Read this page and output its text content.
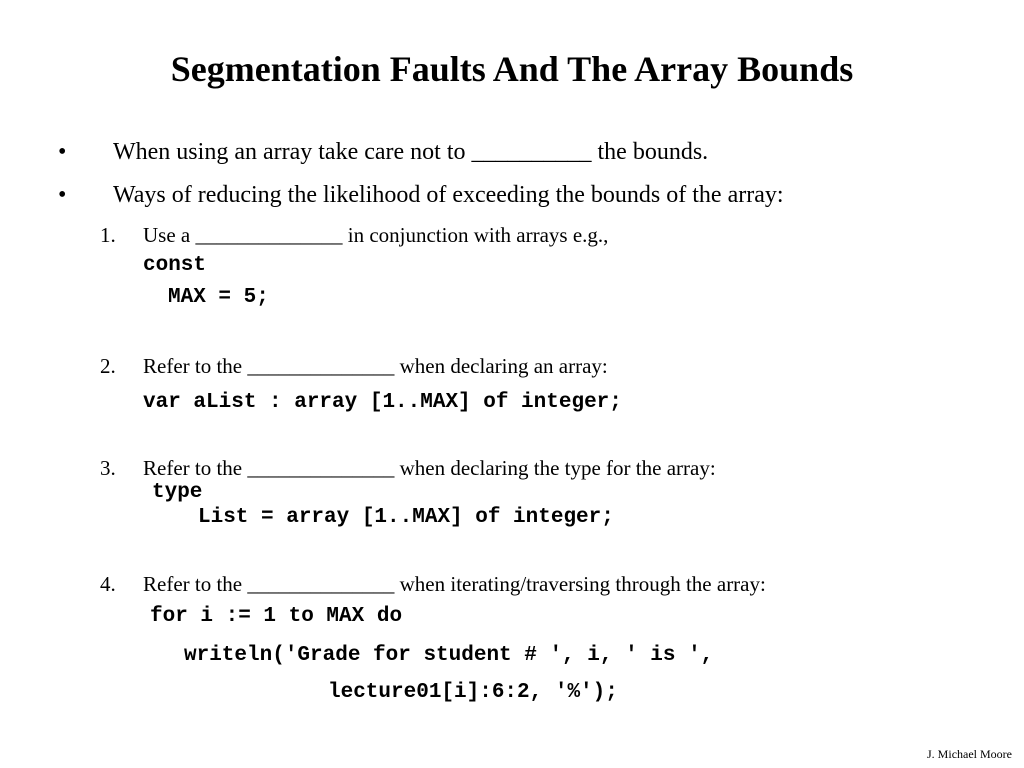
Segmentation Faults And The Array Bounds
• When using an array take care not to __________ the bounds.
• Ways of reducing the likelihood of exceeding the bounds of the array:
1. Use a ______________ in conjunction with arrays e.g.,
const
MAX = 5;
2. Refer to the ______________ when declaring an array:
var aList : array [1..MAX] of integer;
3. Refer to the ______________ when declaring the type for the array:
type
List = array [1..MAX] of integer;
4. Refer to the ______________ when iterating/traversing through the array:
for i := 1 to MAX do
writeln('Grade for student # ', i, ' is ',
lecture01[i]:6:2, '%');
J. Michael Moore
